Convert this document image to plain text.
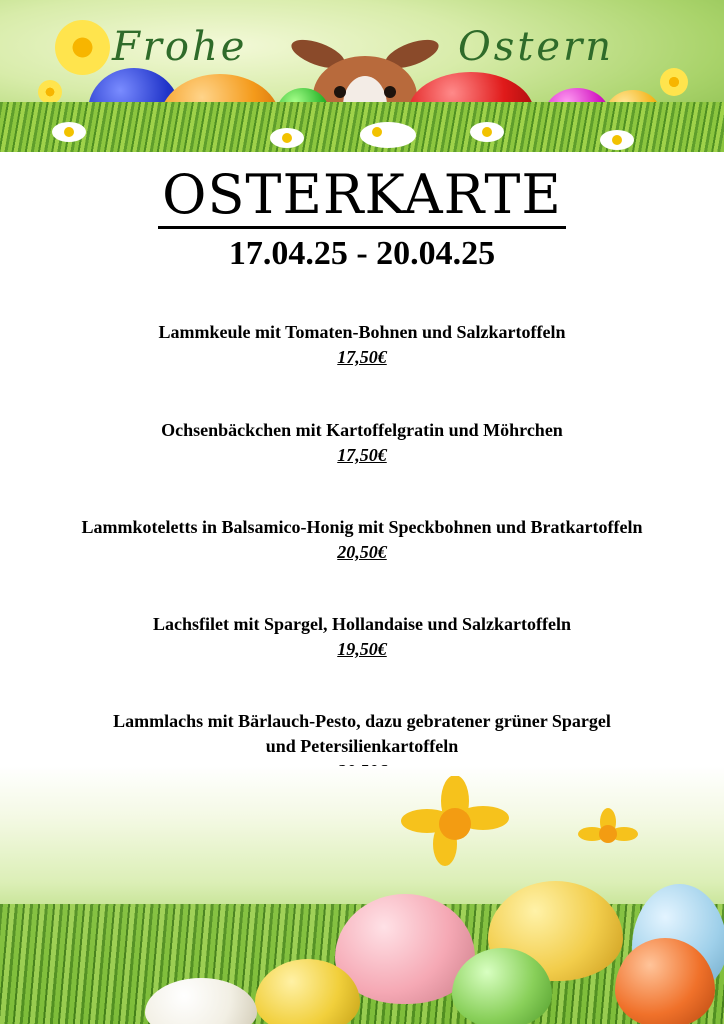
Frohe	Ostern
OSTERKARTE
17.04.25 - 20.04.25
Lammkeule mit Tomaten-Bohnen und Salzkartoffeln
17,50€
Ochsenbäckchen mit Kartoffelgratin und Möhrchen
17,50€
Lammkoteletts in Balsamico-Honig mit Speckbohnen und Bratkartoffeln
20,50€
Lachsfilet mit Spargel, Hollandaise und Salzkartoffeln
19,50€
Lammlachs mit Bärlauch-Pesto, dazu gebratener grüner Spargel
und Petersilienkartoffeln
